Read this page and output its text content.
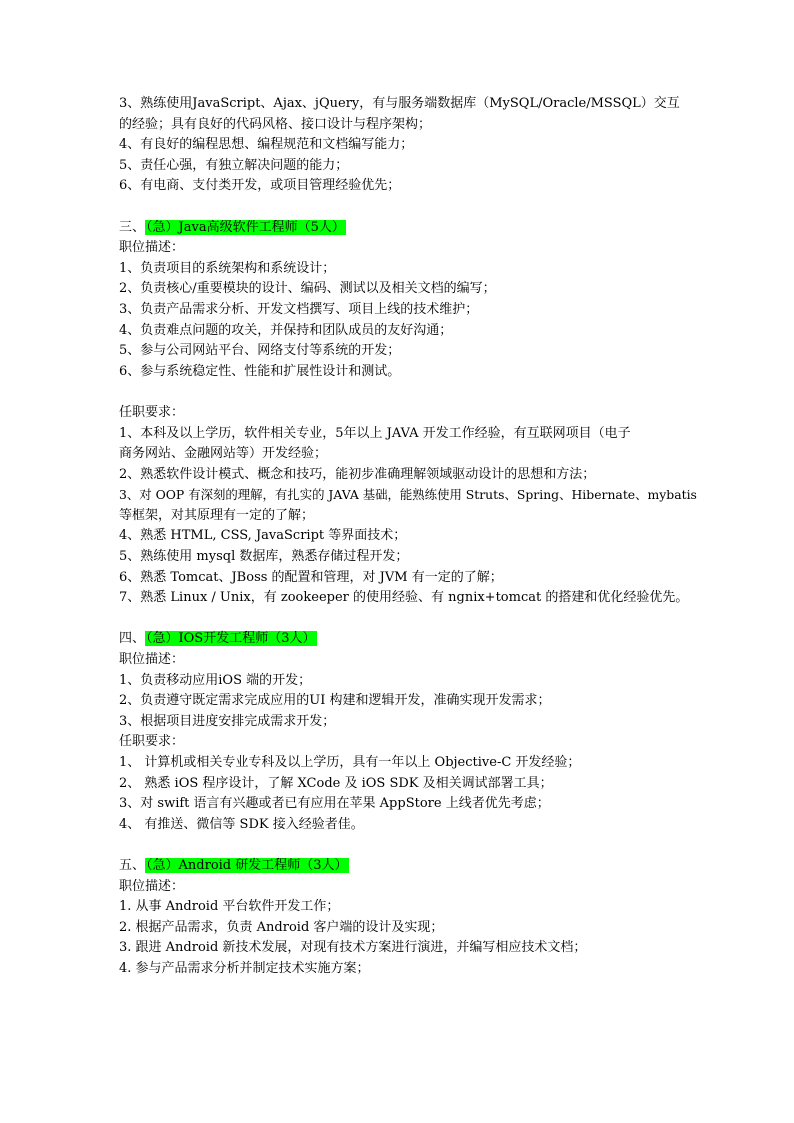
3、熟练使用JavaScript、Ajax、jQuery，有与服务端数据库（MySQL/Oracle/MSSQL）交互
的经验；具有良好的代码风格、接口设计与程序架构；
4、有良好的编程思想、编程规范和文档编写能力；
5、责任心强，有独立解决问题的能力；
6、有电商、支付类开发，或项目管理经验优先；
三、（急）Java高级软件工程师（5人）
职位描述：
1、负责项目的系统架构和系统设计；
2、负责核心/重要模块的设计、编码、测试以及相关文档的编写；
3、负责产品需求分析、开发文档撰写、项目上线的技术维护；
4、负责难点问题的攻关，并保持和团队成员的友好沟通；
5、参与公司网站平台、网络支付等系统的开发；
6、参与系统稳定性、性能和扩展性设计和测试。
任职要求：
1、本科及以上学历，软件相关专业，5年以上 JAVA 开发工作经验，有互联网项目（电子
商务网站、金融网站等）开发经验；
2、熟悉软件设计模式、概念和技巧，能初步准确理解领域驱动设计的思想和方法；
3、对 OOP 有深刻的理解，有扎实的 JAVA 基础，能熟练使用 Struts、Spring、Hibernate、mybatis
等框架，对其原理有一定的了解；
4、熟悉 HTML, CSS, JavaScript 等界面技术；
5、熟练使用 mysql 数据库，熟悉存储过程开发；
6、熟悉 Tomcat、JBoss 的配置和管理，对 JVM 有一定的了解；
7、熟悉 Linux / Unix，有 zookeeper 的使用经验、有 ngnix+tomcat 的搭建和优化经验优先。
四、（急）IOS开发工程师（3人）
职位描述：
1、负责移动应用iOS 端的开发；
2、负责遵守既定需求完成应用的UI 构建和逻辑开发，准确实现开发需求；
3、根据项目进度安排完成需求开发；
任职要求：
1、 计算机或相关专业专科及以上学历，具有一年以上 Objective-C 开发经验；
2、 熟悉 iOS 程序设计，了解 XCode 及 iOS SDK 及相关调试部署工具；
3、对 swift 语言有兴趣或者已有应用在苹果 AppStore 上线者优先考虑；
4、 有推送、微信等 SDK 接入经验者佳。
五、（急）Android 研发工程师（3人）
职位描述：
1. 从事 Android 平台软件开发工作；
2. 根据产品需求，负责 Android 客户端的设计及实现；
3. 跟进 Android 新技术发展，对现有技术方案进行演进，并编写相应技术文档；
4. 参与产品需求分析并制定技术实施方案；
